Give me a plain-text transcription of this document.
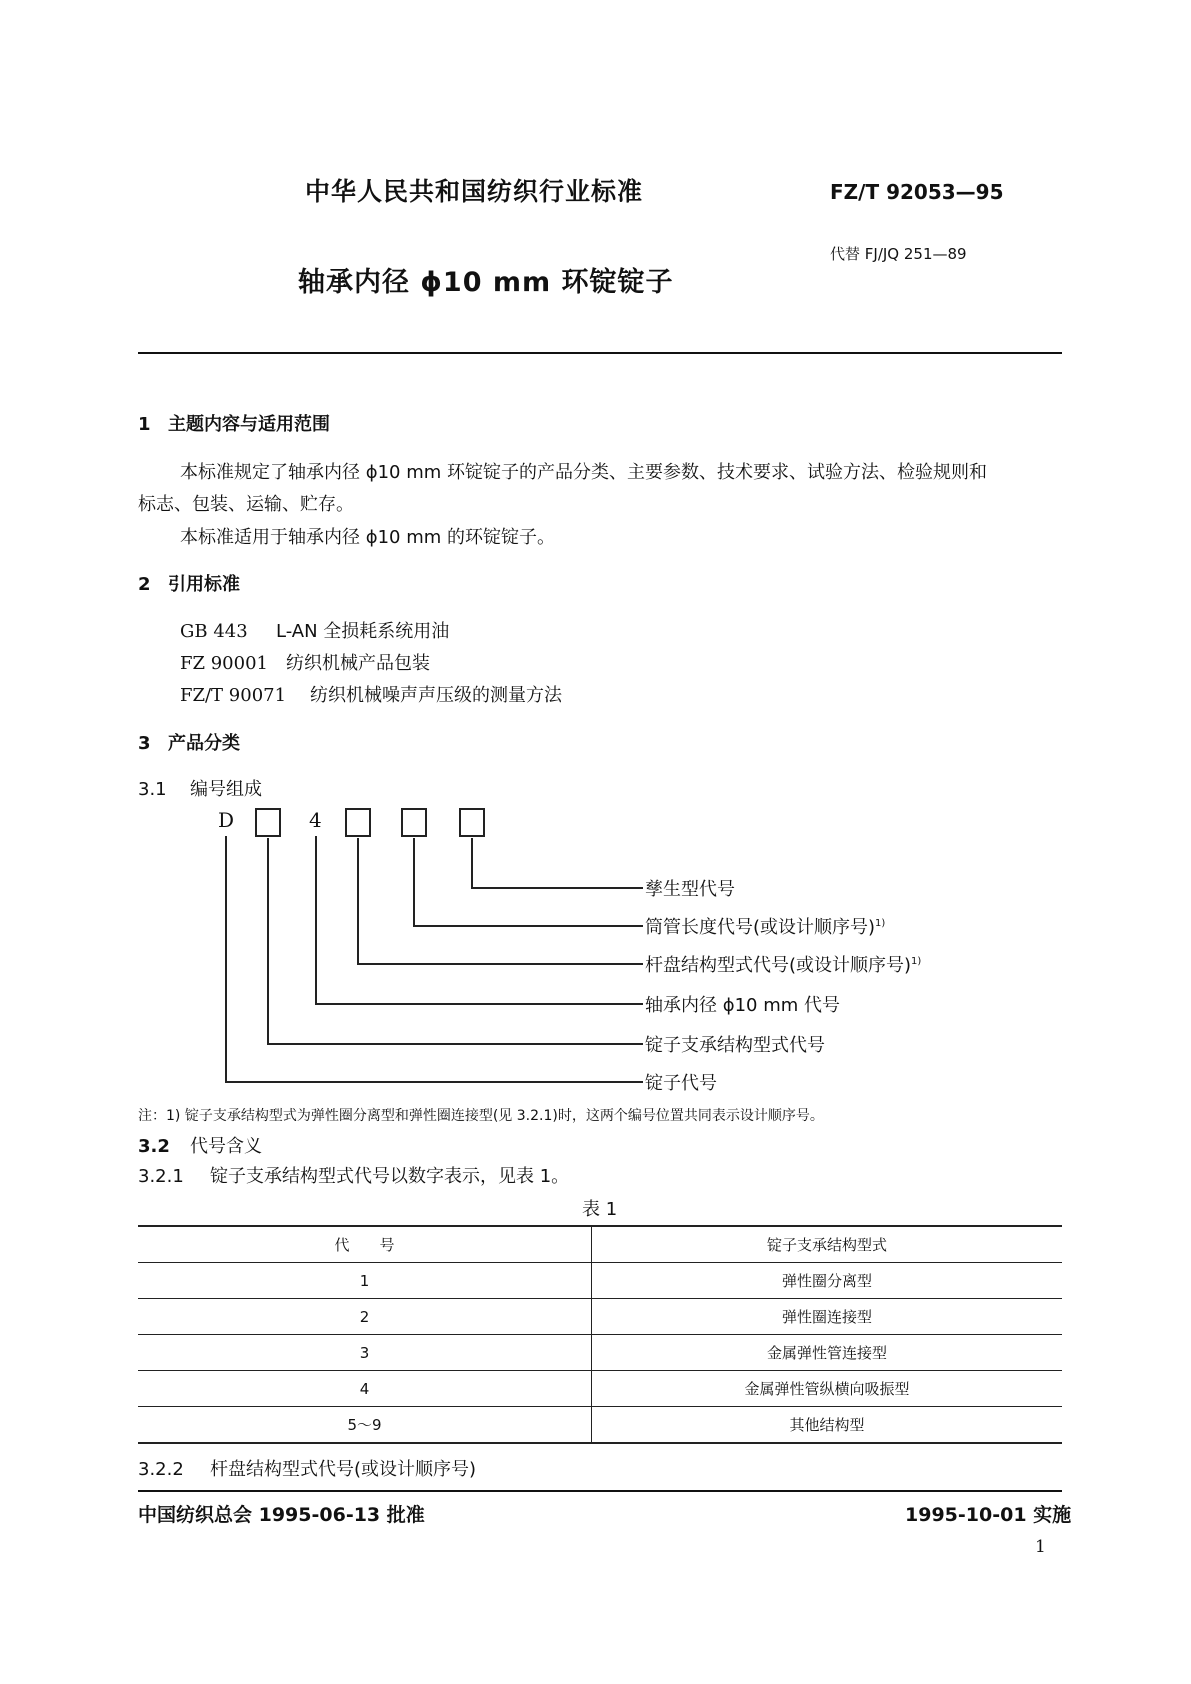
中华人民共和国纺织行业标准	FZ/T 92053—95
代替 FJ/JQ 251—89
轴承内径 ϕ10 mm 环锭锭子
1 主题内容与适用范围
本标准规定了轴承内径 ϕ10 mm 环锭锭子的产品分类、主要参数、技术要求、试验方法、检验规则和
标志、包装、运输、贮存。
本标准适用于轴承内径 ϕ10 mm 的环锭锭子。
2 引用标准
GB 443 L-AN 全损耗系统用油
FZ 90001 纺织机械产品包装
FZ/T 90071 纺织机械噪声声压级的测量方法
3 产品分类
3.1 编号组成
D	4
孳生型代号
筒管长度代号(或设计顺序号)$^{1)}$
杆盘结构型式代号(或设计顺序号)$^{1)}$
轴承内径 ϕ10 mm 代号
锭子支承结构型式代号
锭子代号
注：1) 锭子支承结构型式为弹性圈分离型和弹性圈连接型(见 3.2.1)时，这两个编号位置共同表示设计顺序号。
3.2 代号含义
3.2.1 锭子支承结构型式代号以数字表示，见表 1。
表 1
代　　号	锭子支承结构型式
1	弹性圈分离型
2	弹性圈连接型
3	金属弹性管连接型
4	金属弹性管纵横向吸振型
5～9	其他结构型
3.2.2 杆盘结构型式代号(或设计顺序号)
中国纺织总会 1995-06-13 批准	1995-10-01 实施
1
